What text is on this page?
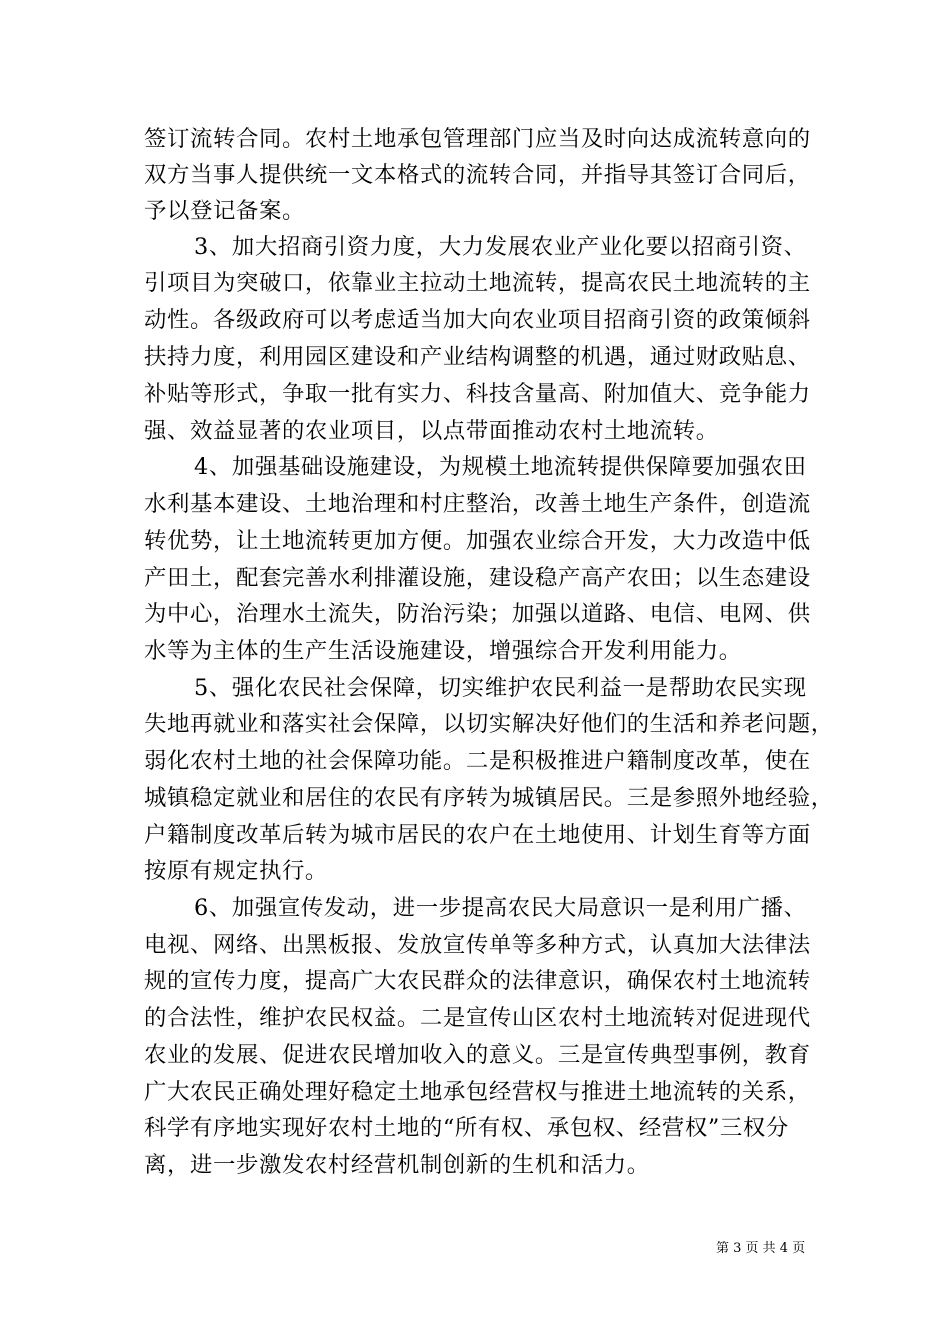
签订流转合同。农村土地承包管理部门应当及时向达成流转意向的
双方当事人提供统一文本格式的流转合同，并指导其签订合同后，
予以登记备案。
3、加大招商引资力度，大力发展农业产业化要以招商引资、
引项目为突破口，依靠业主拉动土地流转，提高农民土地流转的主
动性。各级政府可以考虑适当加大向农业项目招商引资的政策倾斜
扶持力度，利用园区建设和产业结构调整的机遇，通过财政贴息、
补贴等形式，争取一批有实力、科技含量高、附加值大、竞争能力
强、效益显著的农业项目，以点带面推动农村土地流转。
4、加强基础设施建设，为规模土地流转提供保障要加强农田
水利基本建设、土地治理和村庄整治，改善土地生产条件，创造流
转优势，让土地流转更加方便。加强农业综合开发，大力改造中低
产田土，配套完善水利排灌设施，建设稳产高产农田；以生态建设
为中心，治理水土流失，防治污染；加强以道路、电信、电网、供
水等为主体的生产生活设施建设，增强综合开发利用能力。
5、强化农民社会保障，切实维护农民利益一是帮助农民实现
失地再就业和落实社会保障，以切实解决好他们的生活和养老问题，
弱化农村土地的社会保障功能。二是积极推进户籍制度改革，使在
城镇稳定就业和居住的农民有序转为城镇居民。三是参照外地经验，
户籍制度改革后转为城市居民的农户在土地使用、计划生育等方面
按原有规定执行。
6、加强宣传发动，进一步提高农民大局意识一是利用广播、
电视、网络、出黑板报、发放宣传单等多种方式，认真加大法律法
规的宣传力度，提高广大农民群众的法律意识，确保农村土地流转
的合法性，维护农民权益。二是宣传山区农村土地流转对促进现代
农业的发展、促进农民增加收入的意义。三是宣传典型事例，教育
广大农民正确处理好稳定土地承包经营权与推进土地流转的关系，
科学有序地实现好农村土地的“所有权、承包权、经营权”三权分
离，进一步激发农村经营机制创新的生机和活力。
第 3 页 共 4 页
